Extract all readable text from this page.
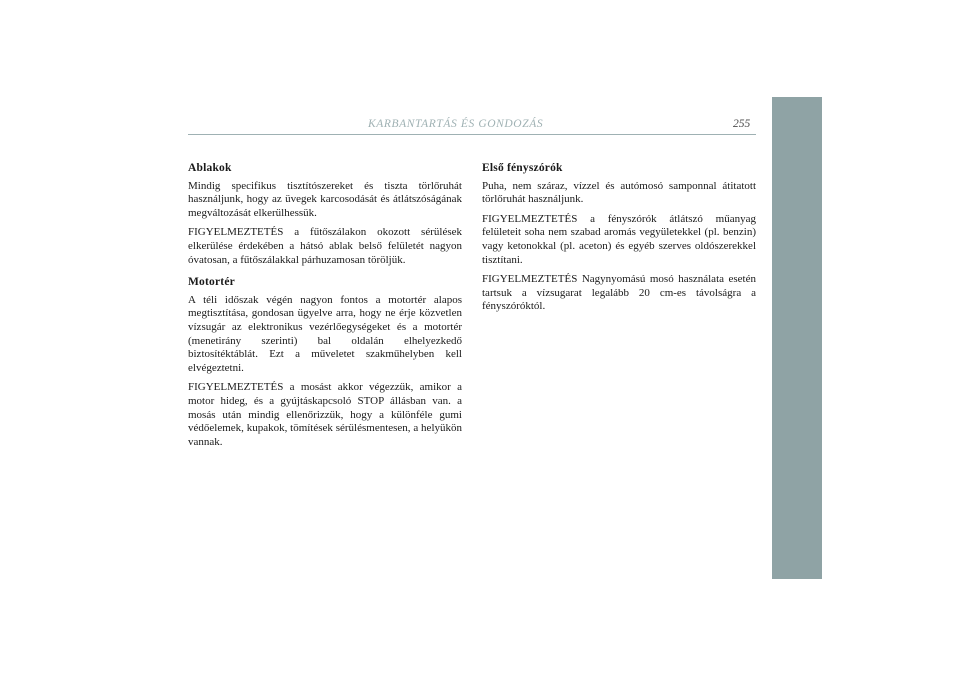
KARBANTARTÁS ÉS GONDOZÁS	255
Ablakok

Mindig specifikus tisztítószereket és tiszta törlőruhát használjunk, hogy az üvegek karcosodását és átlátszóságának megváltozását elkerülhessük.

FIGYELMEZTETÉS a fűtőszálakon okozott sérülések elkerülése érdekében a hátsó ablak belső felületét nagyon óvatosan, a fűtőszálakkal párhuzamosan töröljük.

Motortér

A téli időszak végén nagyon fontos a motortér alapos megtisztítása, gondosan ügyelve arra, hogy ne érje közvetlen vízsugár az elektronikus vezérlőegységeket és a motortér (menetirány szerinti) bal oldalán elhelyezkedő biztosítéktáblát. Ezt a műveletet szakműhelyben kell elvégeztetni.

FIGYELMEZTETÉS a mosást akkor végezzük, amikor a motor hideg, és a gyújtáskapcsoló STOP állásban van. a mosás után mindig ellenőrizzük, hogy a különféle gumi védőelemek, kupakok, tömítések sérülésmentesen, a helyükön vannak.

Első fényszórók

Puha, nem száraz, vízzel és autómosó samponnal átitatott törlőruhát használjunk.

FIGYELMEZTETÉS a fényszórók átlátszó műanyag felületeit soha nem szabad aromás vegyületekkel (pl. benzin) vagy ketonokkal (pl. aceton) és egyéb szerves oldószerekkel tisztítani.

FIGYELMEZTETÉS Nagynyomású mosó használata esetén tartsuk a vízsugarat legalább 20 cm-es távolságra a fényszóróktól.
